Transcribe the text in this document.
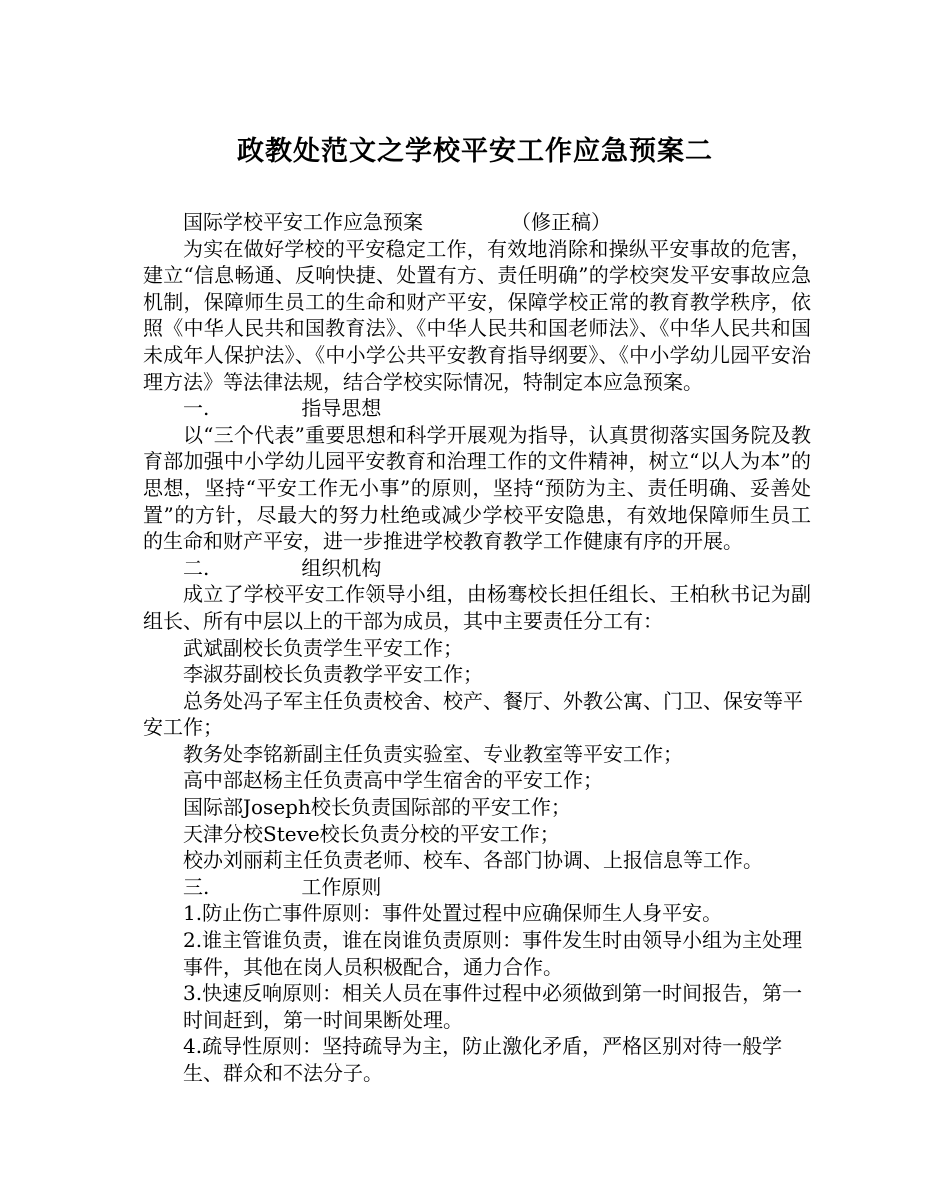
政教处范文之学校平安工作应急预案二

国际学校平安工作应急预案	（修正稿）

为实在做好学校的平安稳定工作，有效地消除和操纵平安事故的危害，建立“信息畅通、反响快捷、处置有方、责任明确”的学校突发平安事故应急机制，保障师生员工的生命和财产平安，保障学校正常的教育教学秩序，依照《中华人民共和国教育法》、《中华人民共和国老师法》、《中华人民共和国未成年人保护法》、《中小学公共平安教育指导纲要》、《中小学幼儿园平安治理方法》等法律法规，结合学校实际情况，特制定本应急预案。

一.	指导思想

以“三个代表”重要思想和科学开展观为指导，认真贯彻落实国务院及教育部加强中小学幼儿园平安教育和治理工作的文件精神，树立“以人为本”的思想，坚持“平安工作无小事”的原则，坚持“预防为主、责任明确、妥善处置”的方针，尽最大的努力杜绝或减少学校平安隐患，有效地保障师生员工的生命和财产平安，进一步推进学校教育教学工作健康有序的开展。

二.	组织机构

成立了学校平安工作领导小组，由杨骞校长担任组长、王柏秋书记为副组长、所有中层以上的干部为成员，其中主要责任分工有：

武斌副校长负责学生平安工作；

李淑芬副校长负责教学平安工作；

总务处冯子军主任负责校舍、校产、餐厅、外教公寓、门卫、保安等平安工作；

教务处李铭新副主任负责实验室、专业教室等平安工作；

高中部赵杨主任负责高中学生宿舍的平安工作；

国际部Joseph校长负责国际部的平安工作；

天津分校Steve校长负责分校的平安工作；

校办刘丽莉主任负责老师、校车、各部门协调、上报信息等工作。

三.	工作原则

1.防止伤亡事件原则：事件处置过程中应确保师生人身平安。

2.谁主管谁负责，谁在岗谁负责原则：事件发生时由领导小组为主处理事件，其他在岗人员积极配合，通力合作。

3.快速反响原则：相关人员在事件过程中必须做到第一时间报告，第一时间赶到，第一时间果断处理。

4.疏导性原则：坚持疏导为主，防止激化矛盾，严格区别对待一般学生、群众和不法分子。
